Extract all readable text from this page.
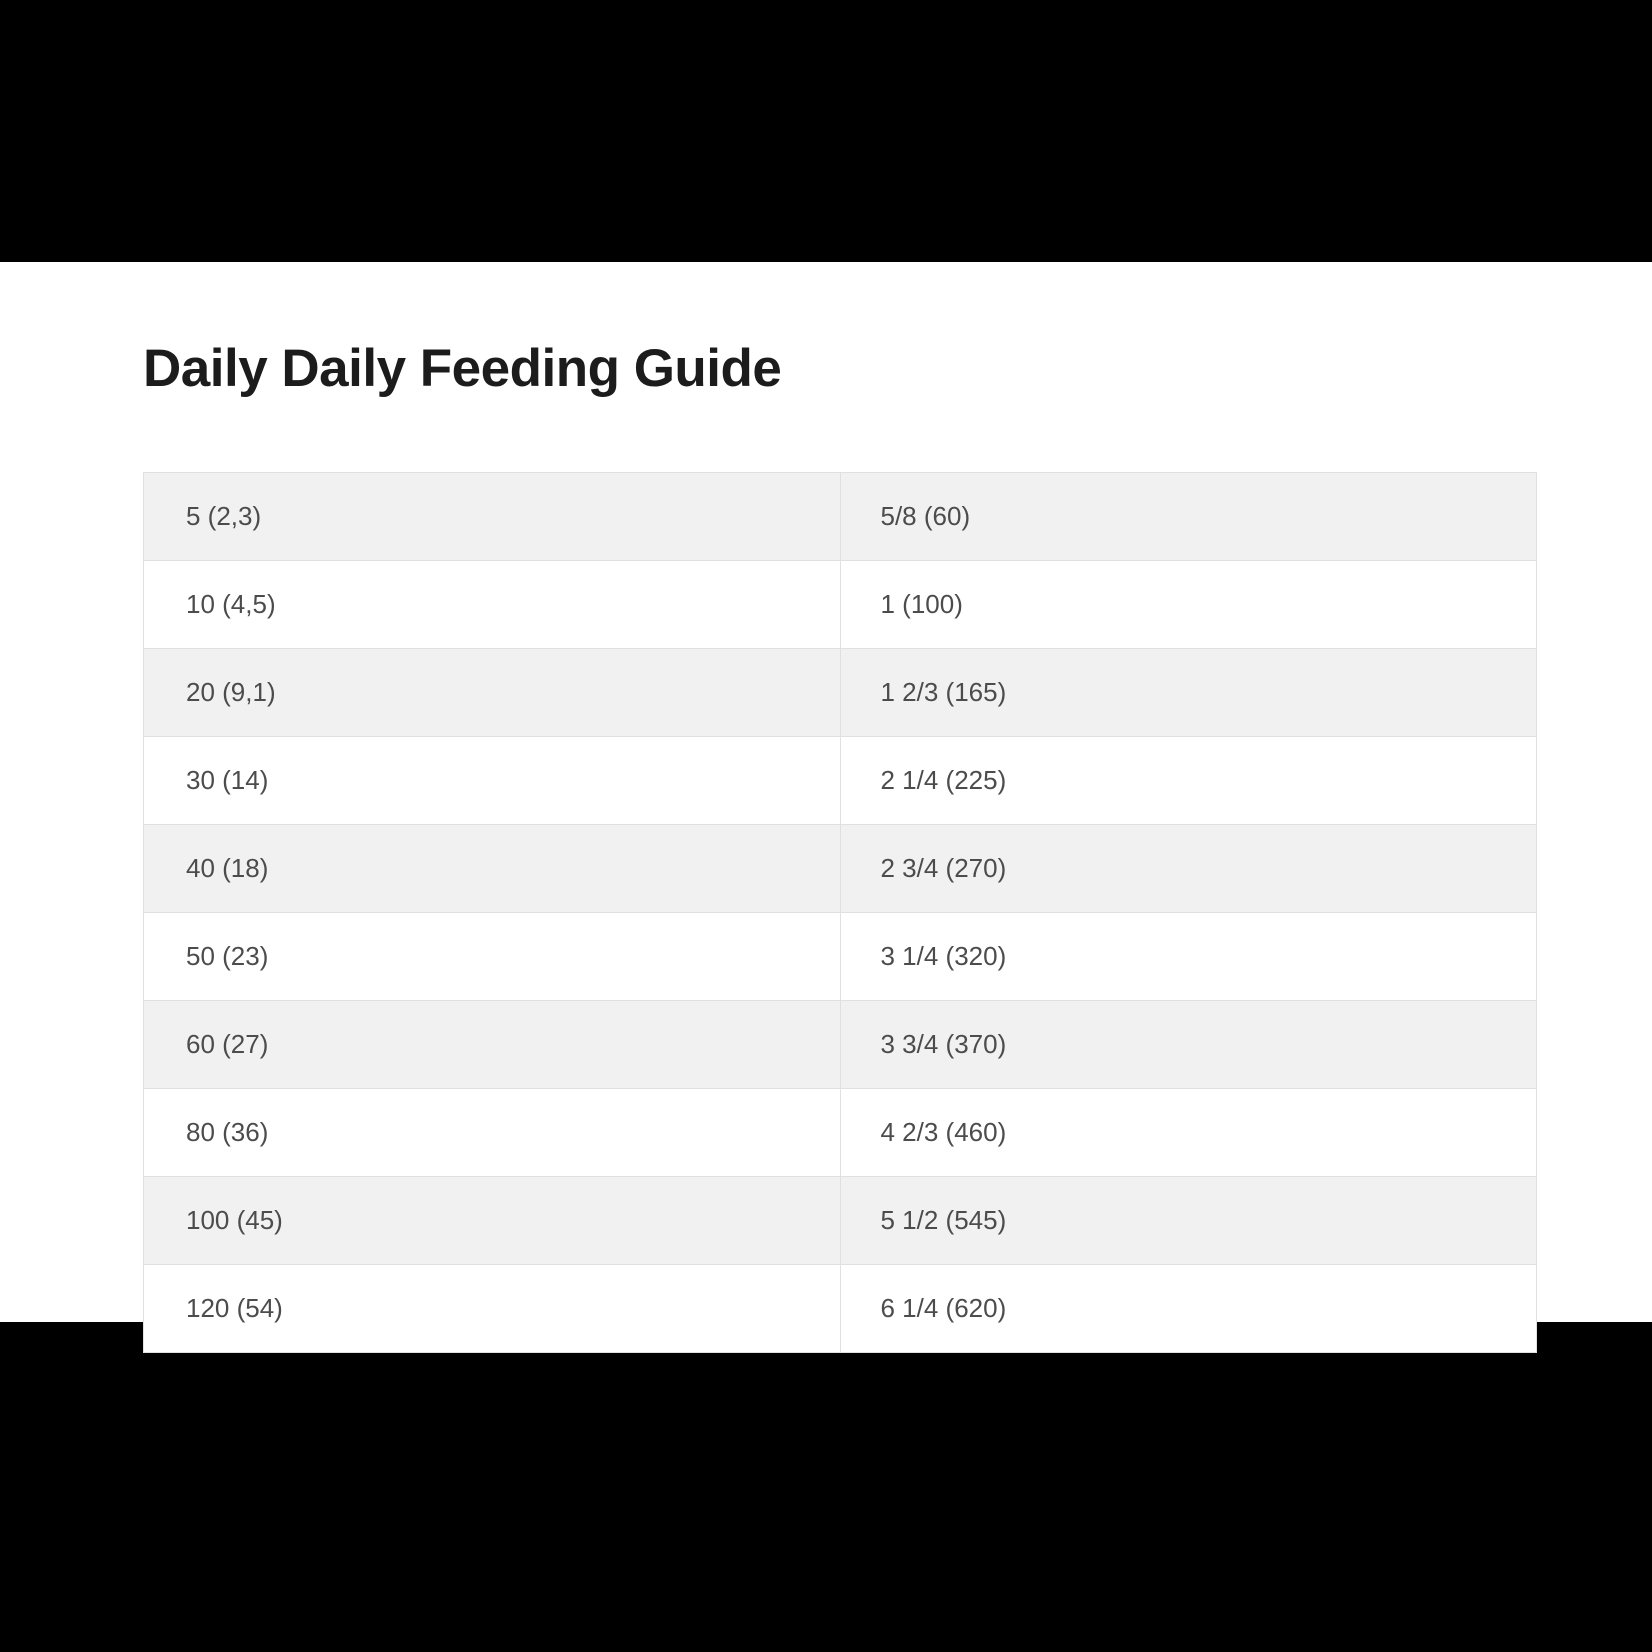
Daily Daily Feeding Guide
5 (2,3)	5/8 (60)
10 (4,5)	1 (100)
20 (9,1)	1 2/3 (165)
30 (14)	2 1/4 (225)
40 (18)	2 3/4 (270)
50 (23)	3 1/4 (320)
60 (27)	3 3/4 (370)
80 (36)	4 2/3 (460)
100 (45)	5 1/2 (545)
120 (54)	6 1/4 (620)
